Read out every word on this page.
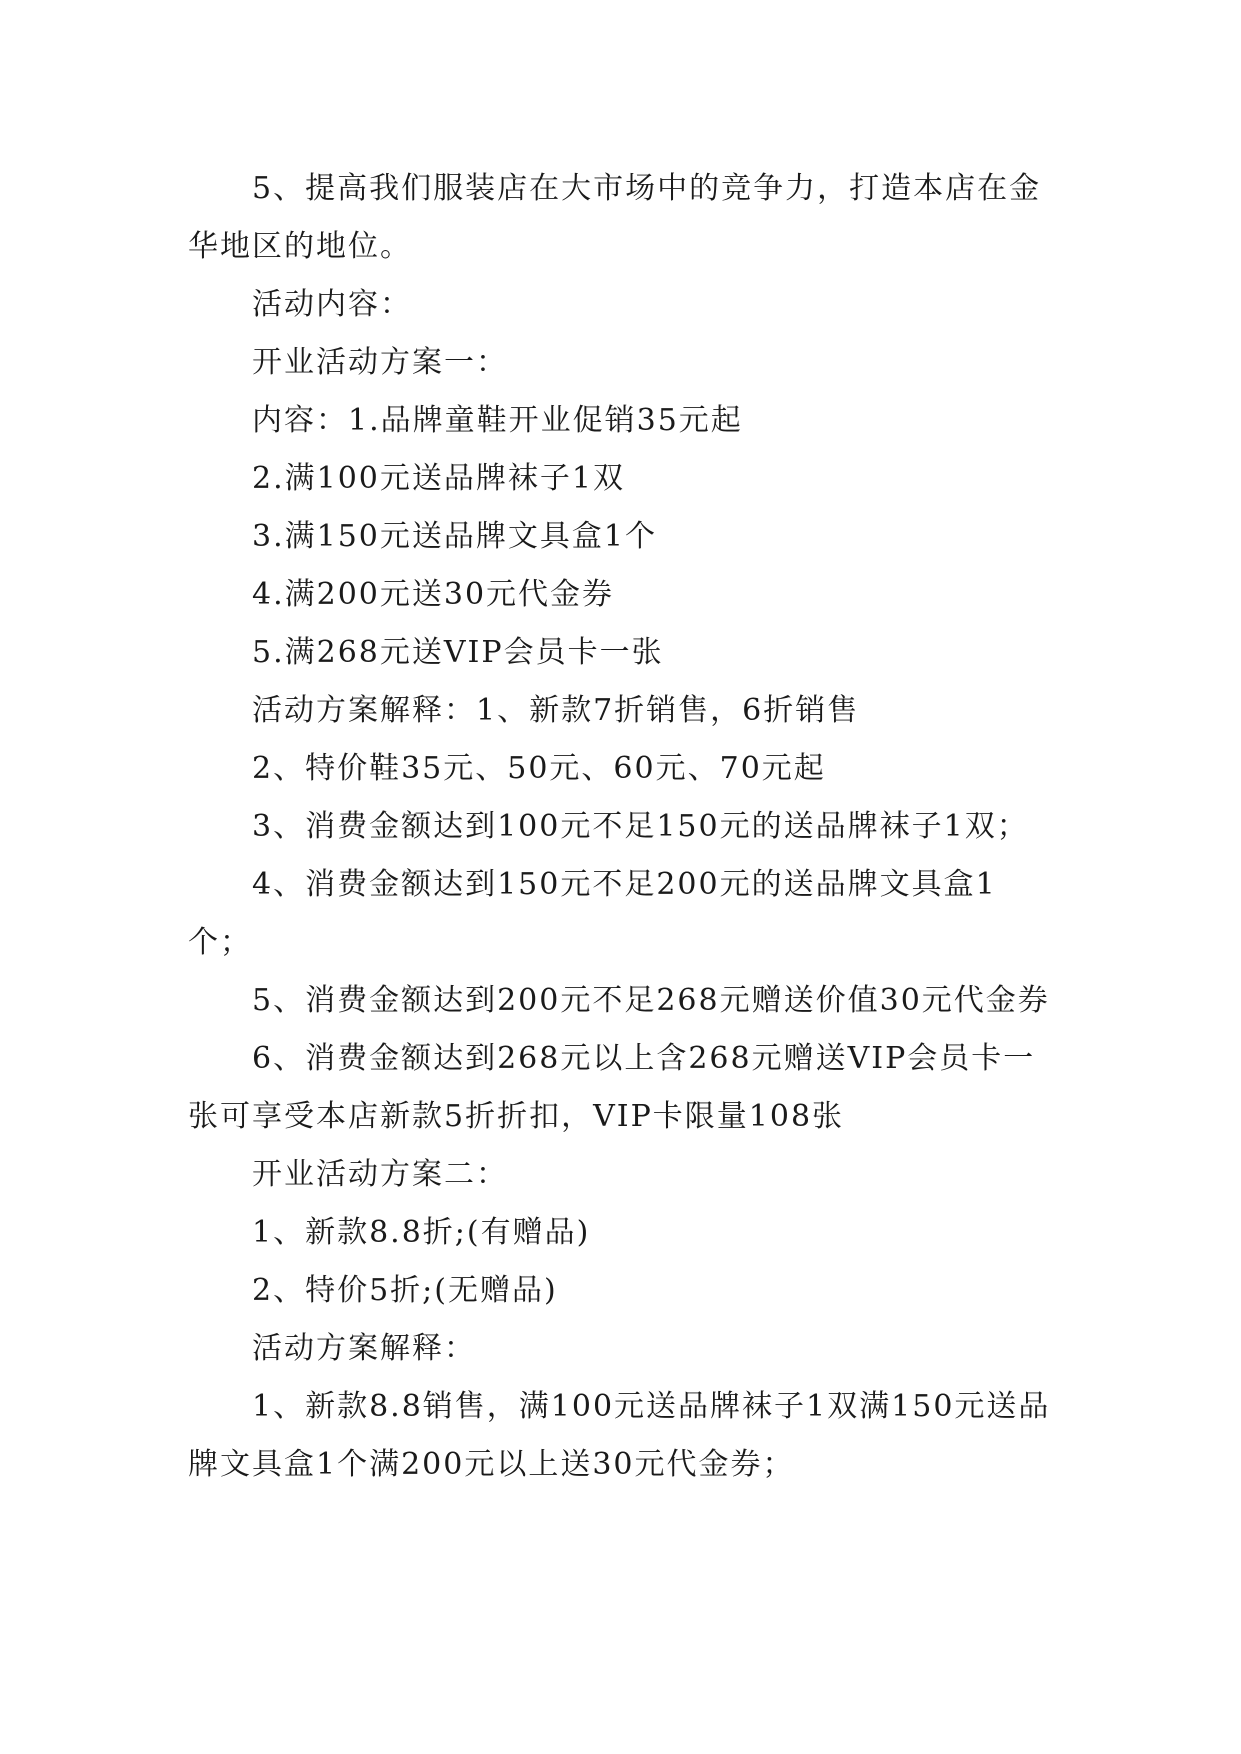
5、提高我们服装店在大市场中的竞争力，打造本店在金华地区的地位。

活动内容：

开业活动方案一：

内容：1.品牌童鞋开业促销35元起

2.满100元送品牌袜子1双

3.满150元送品牌文具盒1个

4.满200元送30元代金券

5.满268元送VIP会员卡一张

活动方案解释：1、新款7折销售，6折销售

2、特价鞋35元、50元、60元、70元起

3、消费金额达到100元不足150元的送品牌袜子1双；

4、消费金额达到150元不足200元的送品牌文具盒1个；

5、消费金额达到200元不足268元赠送价值30元代金券

6、消费金额达到268元以上含268元赠送VIP会员卡一张可享受本店新款5折折扣，VIP卡限量108张

开业活动方案二：

1、新款8.8折;(有赠品)

2、特价5折;(无赠品)

活动方案解释：

1、新款8.8销售，满100元送品牌袜子1双满150元送品牌文具盒1个满200元以上送30元代金券；
